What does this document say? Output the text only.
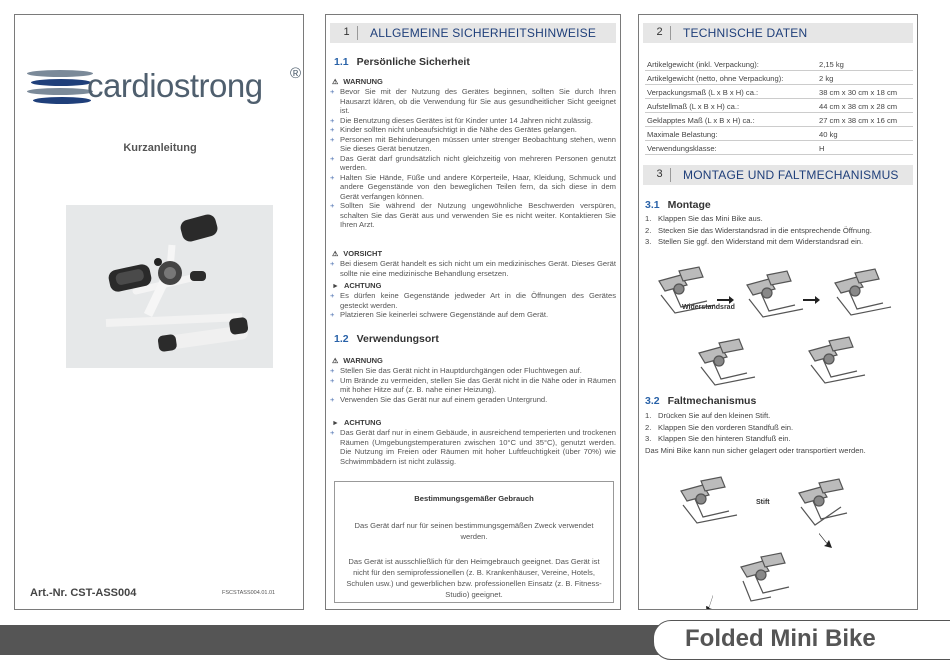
cardiostrong ®
Kurzanleitung
Art.-Nr. CST-ASS004	FSCSTASS004.01.01
1	ALLGEMEINE SICHERHEITSHINWEISE
1.1 Persönliche Sicherheit
⚠ WARNUNG
+ Bevor Sie mit der Nutzung des Gerätes beginnen, sollten Sie durch Ihren Hausarzt klären, ob die Verwendung für Sie aus gesundheitlicher Sicht geeignet ist.
+ Die Benutzung dieses Gerätes ist für Kinder unter 14 Jahren nicht zulässig.
+ Kinder sollten nicht unbeaufsichtigt in die Nähe des Gerätes gelangen.
+ Personen mit Behinderungen müssen unter strenger Beobachtung stehen, wenn Sie dieses Gerät benutzen.
+ Das Gerät darf grundsätzlich nicht gleichzeitig von mehreren Personen genutzt werden.
+ Halten Sie Hände, Füße und andere Körperteile, Haar, Kleidung, Schmuck und andere Gegenstände von den beweglichen Teilen fern, da sich diese in dem Gerät verfangen können.
+ Sollten Sie während der Nutzung ungewöhnliche Beschwerden verspüren, schalten Sie das Gerät aus und verwenden Sie es nicht weiter. Kontaktieren Sie Ihren Arzt.
⚠ VORSICHT
+ Bei diesem Gerät handelt es sich nicht um ein medizinisches Gerät. Dieses Gerät sollte nie eine medizinische Behandlung ersetzen.
► ACHTUNG
+ Es dürfen keine Gegenstände jedweder Art in die Öffnungen des Gerätes gesteckt werden.
+ Platzieren Sie keinerlei schwere Gegenstände auf dem Gerät.
1.2 Verwendungsort
⚠ WARNUNG
+ Stellen Sie das Gerät nicht in Hauptdurchgängen oder Fluchtwegen auf.
+ Um Brände zu vermeiden, stellen Sie das Gerät nicht in die Nähe oder in Räumen mit hoher Hitze auf (z. B. nahe einer Heizung).
+ Verwenden Sie das Gerät nur auf einem geraden Untergrund.
► ACHTUNG
+ Das Gerät darf nur in einem Gebäude, in ausreichend temperierten und trockenen Räumen (Umgebungstemperaturen zwischen 10°C und 35°C), genutzt werden. Die Nutzung im Freien oder Räumen mit hoher Luftfeuchtigkeit (über 70%) wie Schwimmbädern ist nicht zulässig.
Bestimmungsgemäßer Gebrauch

Das Gerät darf nur für seinen bestimmungsgemäßen Zweck verwendet werden.

Das Gerät ist ausschließlich für den Heimgebrauch geeignet. Das Gerät ist nicht für den semiprofessionellen (z. B. Krankenhäuser, Vereine, Hotels, Schulen usw.) und gewerblichen bzw. professionellen Einsatz (z. B. Fitness-Studio) geeignet.

2	TECHNISCHE DATEN
Artikelgewicht (inkl. Verpackung):	2,15 kg
Artikelgewicht (netto, ohne Verpackung):	2 kg
Verpackungsmaß (L x B x H) ca.:	38 cm x 30 cm x 18 cm
Aufstellmaß (L x B x H) ca.:	44 cm x 38 cm x 28 cm
Geklapptes Maß (L x B x H) ca.:	27 cm x 38 cm x 16 cm
Maximale Belastung:	40 kg
Verwendungsklasse:	H
3	MONTAGE UND FALTMECHANISMUS
3.1 Montage
1. Klappen Sie das Mini Bike aus.
2. Stecken Sie das Widerstandsrad in die entsprechende Öffnung.
3. Stellen Sie ggf. den Widerstand mit dem Widerstandsrad ein.
Widerstandsrad
3.2 Faltmechanismus
1. Drücken Sie auf den kleinen Stift.
2. Klappen Sie den vorderen Standfuß ein.
3. Klappen Sie den hinteren Standfuß ein.
Das Mini Bike kann nun sicher gelagert oder transportiert werden.
Stift
Folded Mini Bike
